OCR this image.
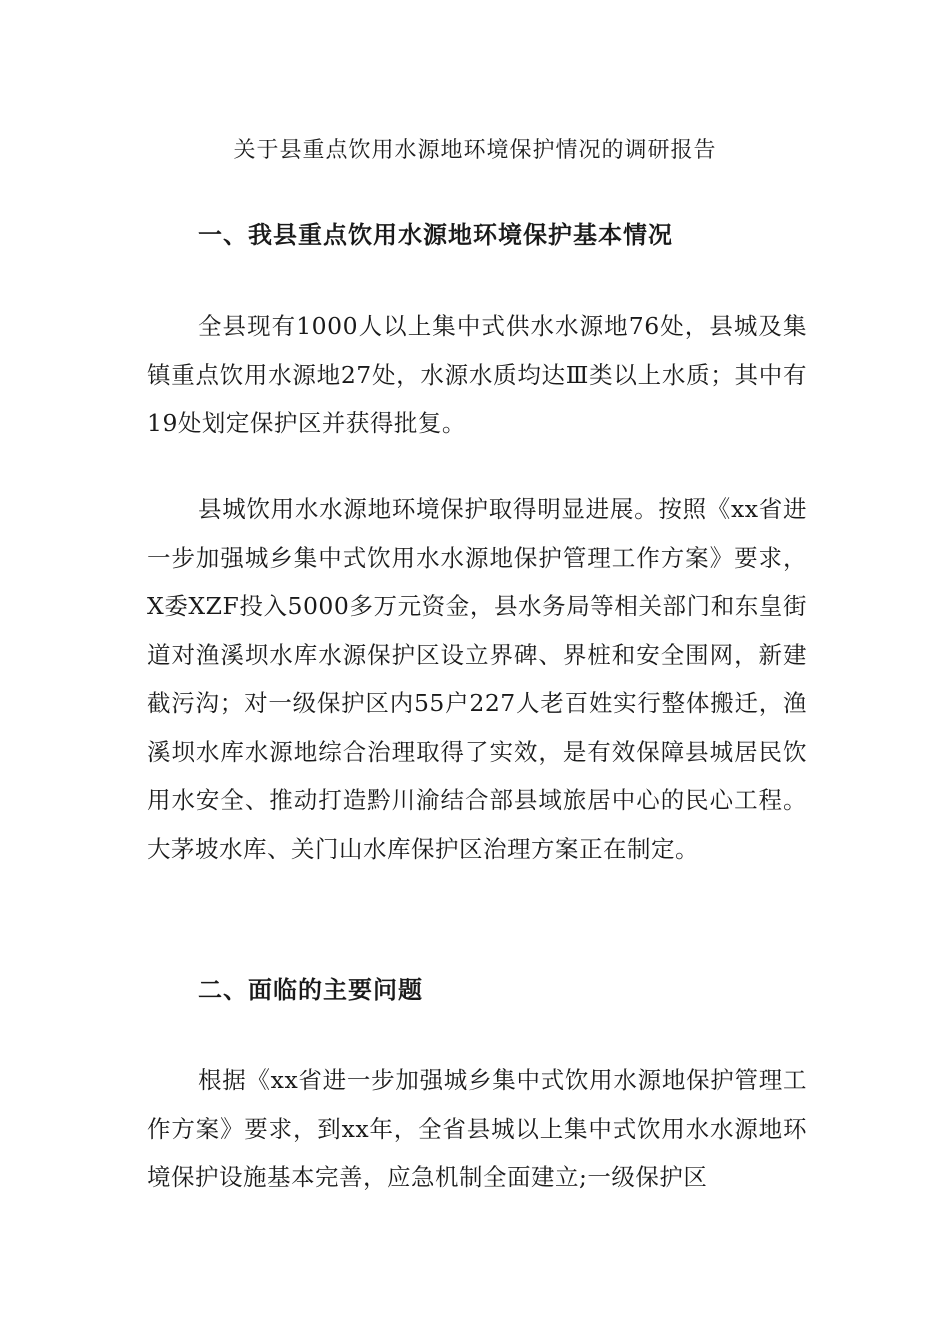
关于县重点饮用水源地环境保护情况的调研报告
一、我县重点饮用水源地环境保护基本情况

全县现有1000人以上集中式供水水源地76处，县城及集镇重点饮用水源地27处，水源水质均达Ⅲ类以上水质；其中有19处划定保护区并获得批复。

县城饮用水水源地环境保护取得明显进展。按照《xx省进一步加强城乡集中式饮用水水源地保护管理工作方案》要求，X委XZF投入5000多万元资金，县水务局等相关部门和东皇街道对渔溪坝水库水源保护区设立界碑、界桩和安全围网，新建截污沟；对一级保护区内55户227人老百姓实行整体搬迁，渔溪坝水库水源地综合治理取得了实效，是有效保障县城居民饮用水安全、推动打造黔川渝结合部县域旅居中心的民心工程。大茅坡水库、关门山水库保护区治理方案正在制定。

二、面临的主要问题

根据《xx省进一步加强城乡集中式饮用水源地保护管理工作方案》要求，到xx年，全省县城以上集中式饮用水水源地环境保护设施基本完善，应急机制全面建立;一级保护区
